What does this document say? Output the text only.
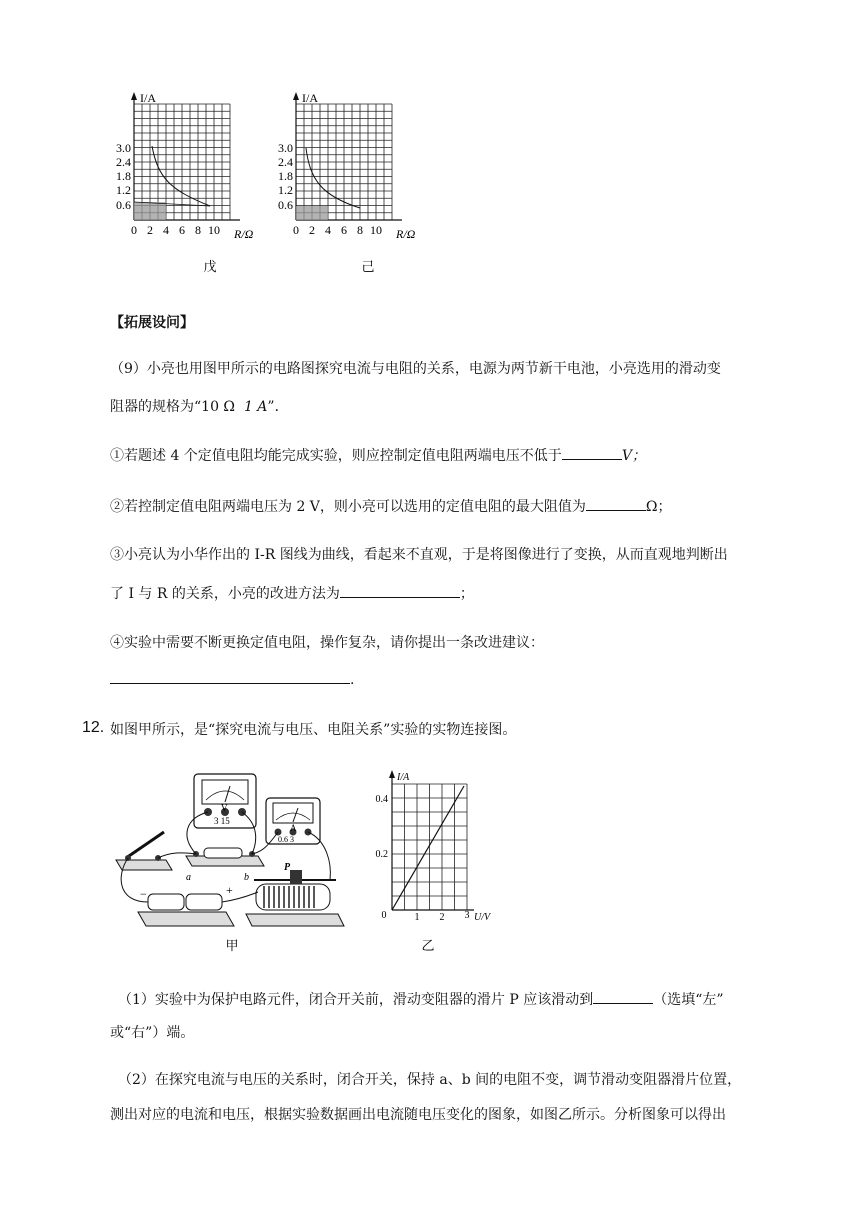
I/A
R/Ω
3.0
2.4
1.8
1.2
0.6
0 2 4 6 8 10
戊
I/A
R/Ω
3.0
2.4
1.8
1.2
0.6
0 2 4 6 8 10
己
【拓展设问】
（9）小亮也用图甲所示的电路图探究电流与电阻的关系，电源为两节新干电池，小亮选用的滑动变
阻器的规格为“10 Ω 1 A”．
①若题述 4 个定值电阻均能完成实验，则应控制定值电阻两端电压不低于	V；
②若控制定值电阻两端电压为 2 V，则小亮可以选用的定值电阻的最大阻值为	Ω；
③小亮认为小华作出的 I-R 图线为曲线，看起来不直观，于是将图像进行了变换，从而直观地判断出
了 I 与 R 的关系，小亮的改进方法为	；
④实验中需要不断更换定值电阻，操作复杂，请你提出一条改进建议：
.
12. 如图甲所示，是“探究电流与电压、电阻关系”实验的实物连接图。
V
3 15
A
0.6 3
a	b
−	+
P
甲
I/A
U/V
0.4
0.2
0	1 2 3
乙
（1）实验中为保护电路元件，闭合开关前，滑动变阻器的滑片 P 应该滑动到	（选填“左”
或“右”）端。
（2）在探究电流与电压的关系时，闭合开关，保持 a、b 间的电阻不变，调节滑动变阻器滑片位置，
测出对应的电流和电压，根据实验数据画出电流随电压变化的图象，如图乙所示。分析图象可以得出
